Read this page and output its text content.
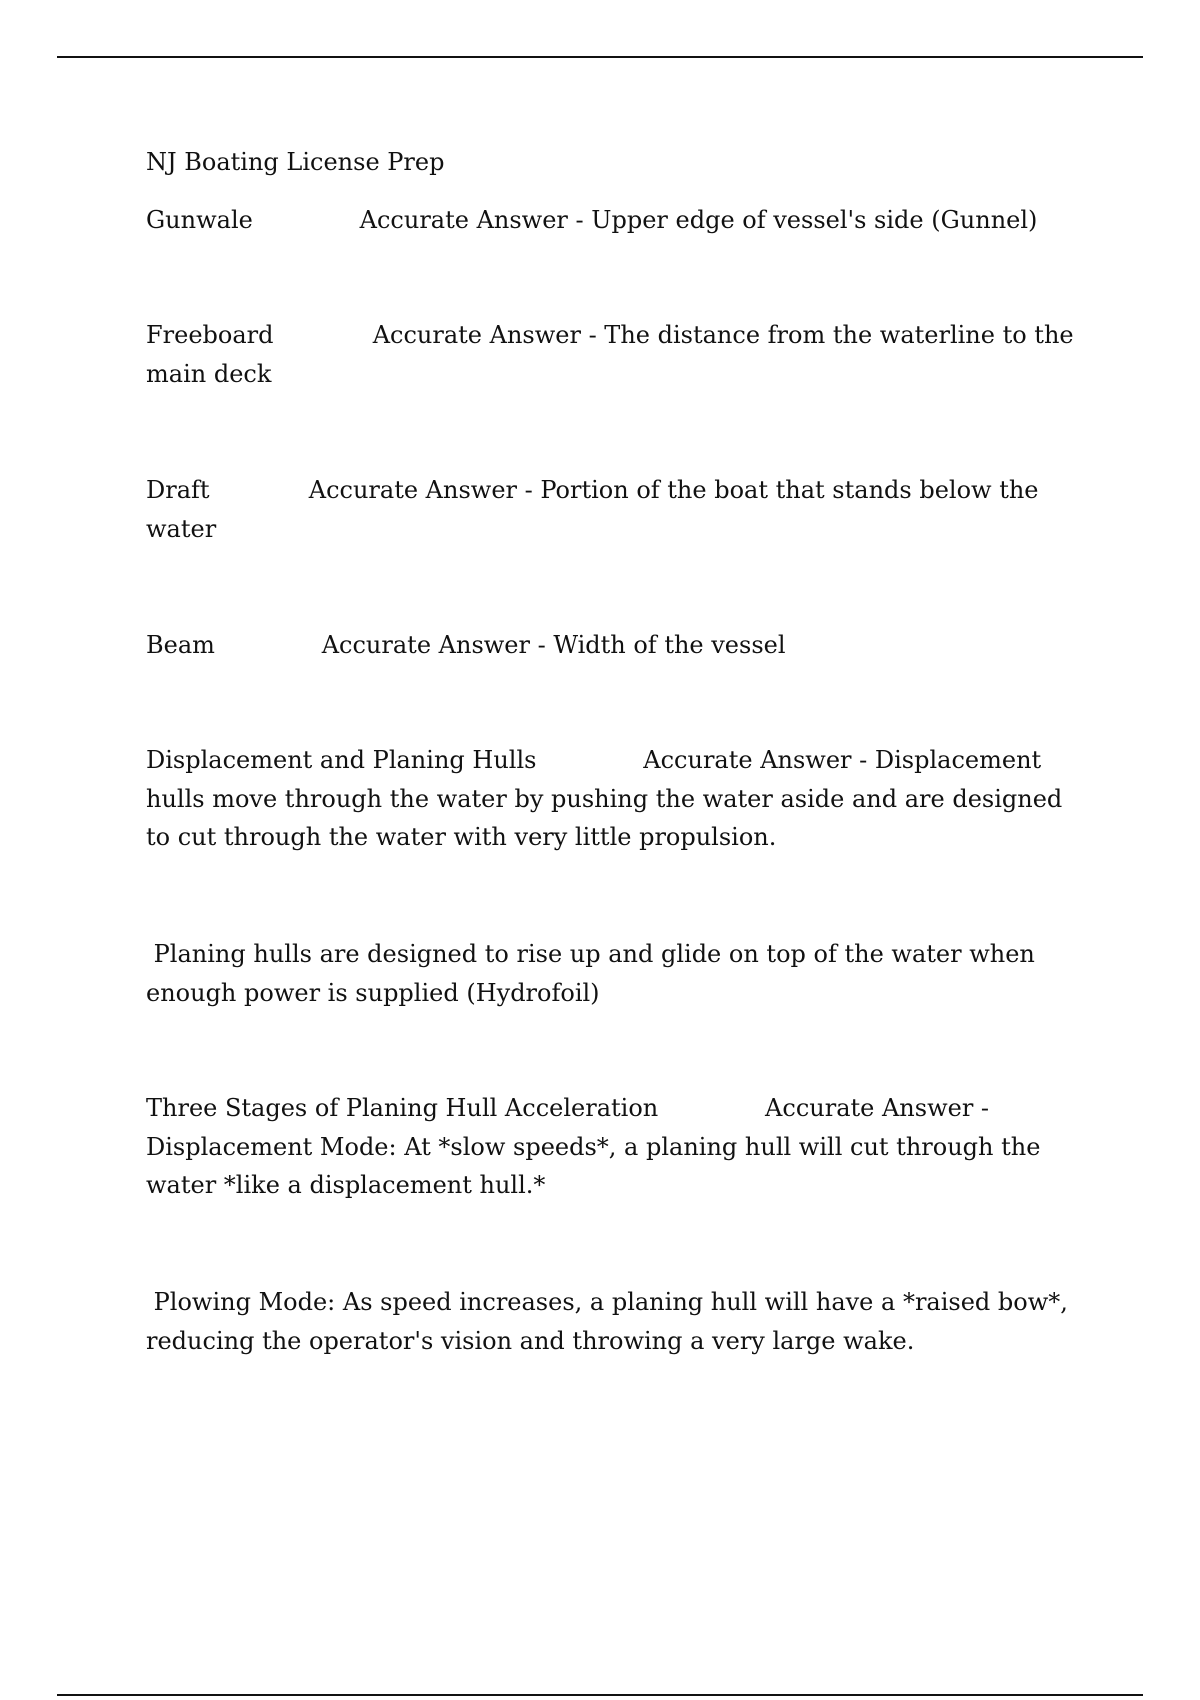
NJ Boating License Prep

Gunwale	Accurate Answer - Upper edge of vessel's side (Gunnel)

Freeboard	Accurate Answer - The distance from the waterline to the main deck

Draft	Accurate Answer - Portion of the boat that stands below the water

Beam	Accurate Answer - Width of the vessel

Displacement and Planing Hulls	Accurate Answer - Displacement hulls move through the water by pushing the water aside and are designed to cut through the water with very little propulsion.

Planing hulls are designed to rise up and glide on top of the water when enough power is supplied (Hydrofoil)

Three Stages of Planing Hull Acceleration	Accurate Answer - Displacement Mode: At *slow speeds*, a planing hull will cut through the water *like a displacement hull.*

Plowing Mode: As speed increases, a planing hull will have a *raised bow*, reducing the operator's vision and throwing a very large wake.
